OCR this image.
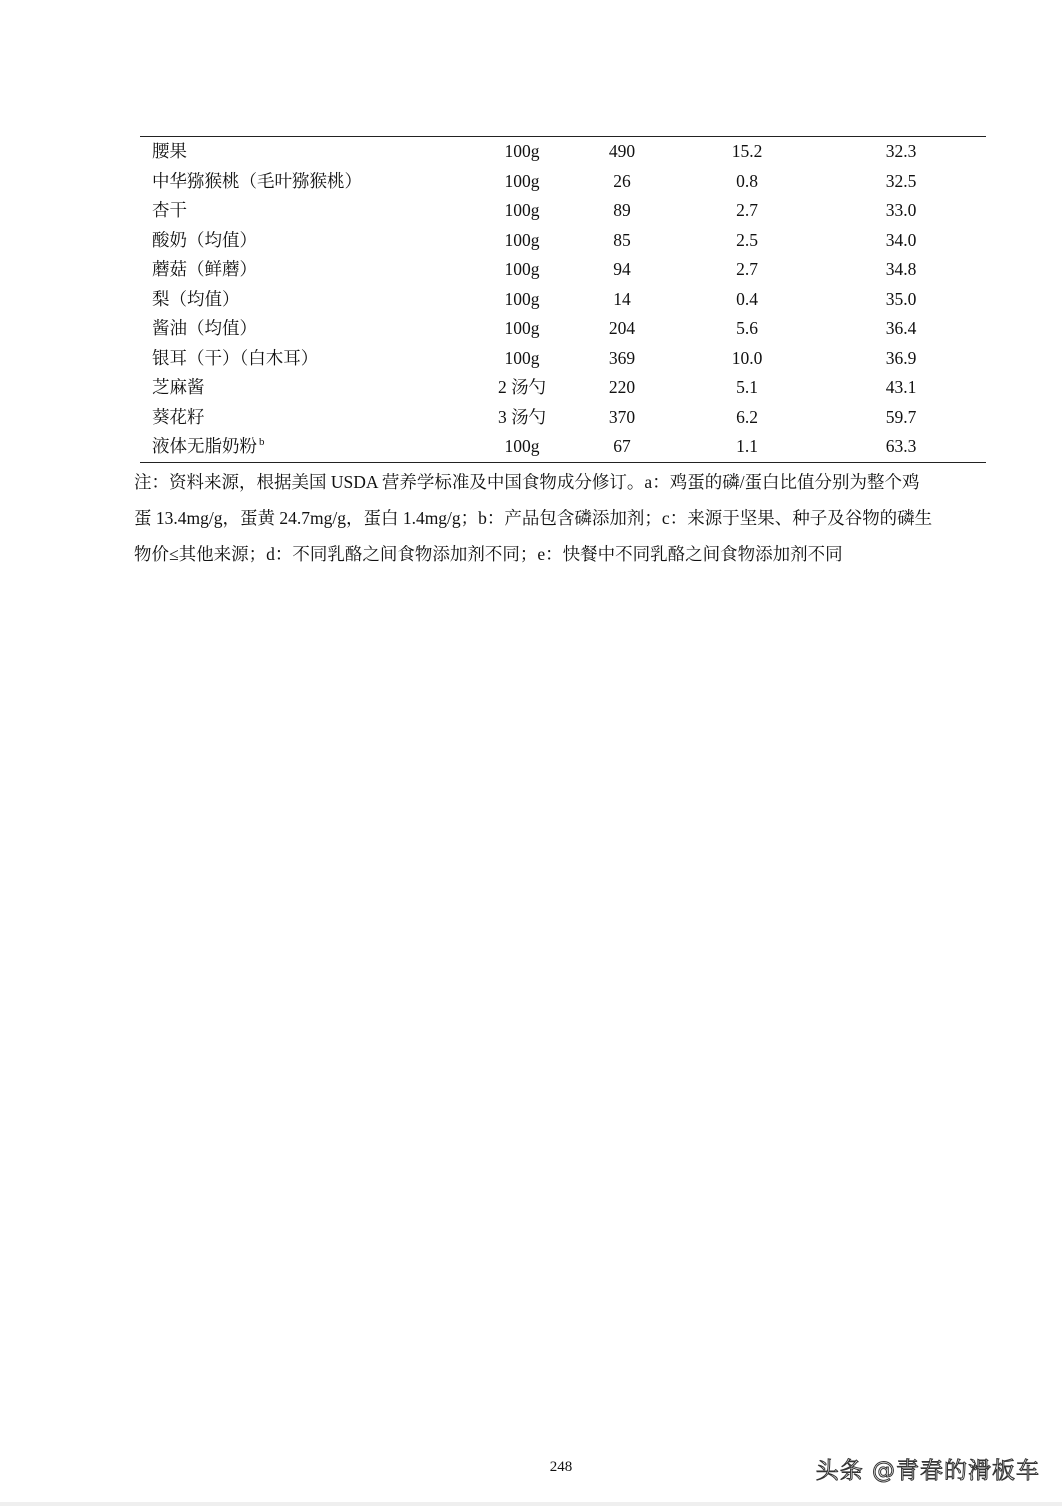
腰果	100g	490	15.2	32.3
中华猕猴桃（毛叶猕猴桃）	100g	26	0.8	32.5
杏干	100g	89	2.7	33.0
酸奶（均值）	100g	85	2.5	34.0
蘑菇（鲜蘑）	100g	94	2.7	34.8
梨（均值）	100g	14	0.4	35.0
酱油（均值）	100g	204	5.6	36.4
银耳（干）（白木耳）	100g	369	10.0	36.9
芝麻酱	2 汤勺	220	5.1	43.1
葵花籽	3 汤勺	370	6.2	59.7
液体无脂奶粉 $^b$	100g	67	1.1	63.3

注：资料来源，根据美国 USDA 营养学标准及中国食物成分修订。a：鸡蛋的磷/蛋白比值分别为整个鸡

蛋 13.4mg/g，蛋黄 24.7mg/g，蛋白 1.4mg/g；b：产品包含磷添加剂；c：来源于坚果、种子及谷物的磷生

物价≤其他来源；d：不同乳酪之间食物添加剂不同；e：快餐中不同乳酪之间食物添加剂不同

248	头条 @青春的滑板车
